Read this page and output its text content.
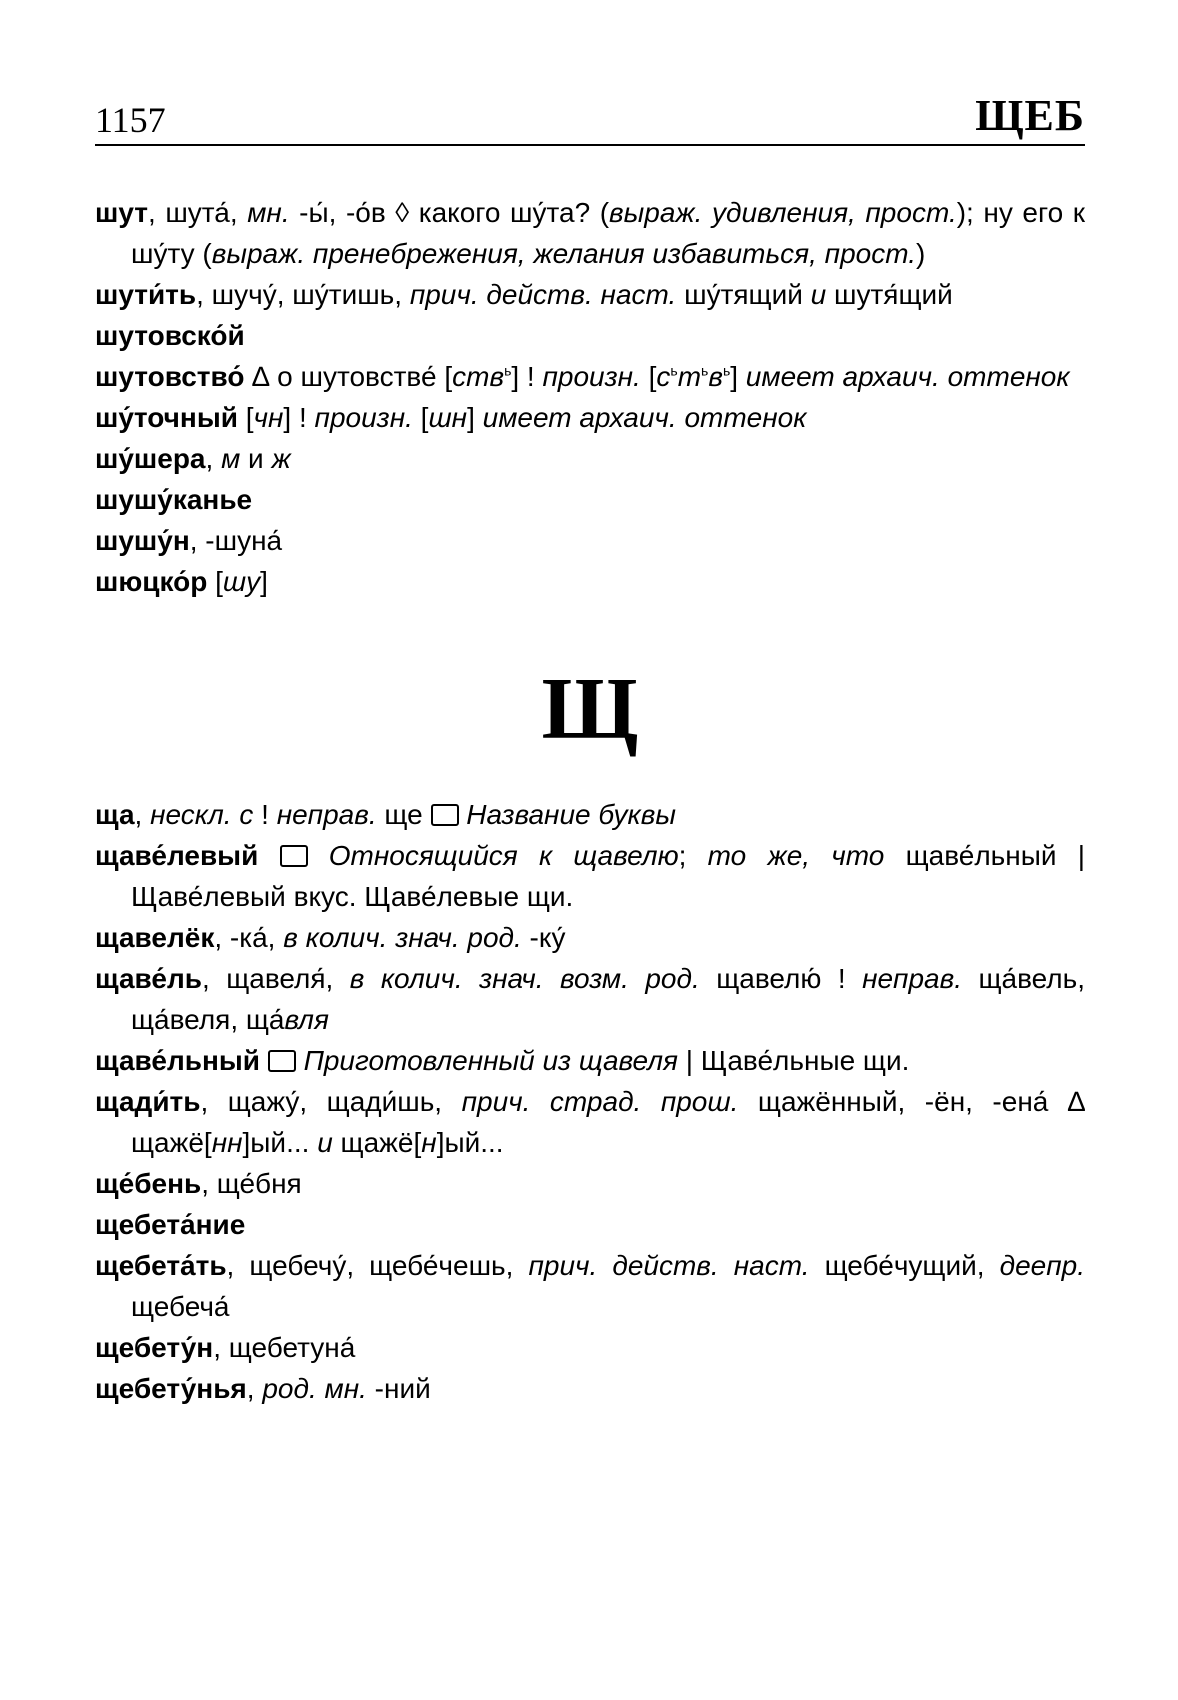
1157	ЩЕБ
шут, шута́, мн. -ы́, -о́в ◊ какого шу́та? (выраж. удивления, прост.); ну его к шу́ту (выраж. пренебрежения, желания избавиться, прост.)
шути́ть, шучу́, шу́тишь, прич. действ. наст. шу́тящий и шутя́щий
шутовско́й
шутовство́ ∆ о шутовстве́ [ств$^ь$] ! произн. $[с^ьт^ьв^ь]$ имеет архаич. оттенок
шу́точный [чн] ! произн. [шн] имеет архаич. оттенок
шу́шера, м и ж
шушу́канье
шушу́н, -шуна́
шюцко́р [шу]
Щ
ща, нескл. с ! неправ. ще  Название буквы
щаве́левый	Относящийся к щавелю; то же, что щаве́льный | Щаве́левый вкус. Щаве́левые щи.
щавелёк, -ка́, в колич. знач. род. -ку́
щаве́ль, щавеля́, в колич. знач. возм. род. щавелю́ ! неправ. ща́вель, ща́веля, ща́вля
щаве́льный Приготовленный из щавеля | Щаве́льные щи.
щади́ть, щажу́, щади́шь, прич. страд. прош. щажённый, -ён, -ена́ ∆ щажё[нн]ый... и щажё[н]ый...
ще́бень, ще́бня
щебета́ние
щебета́ть, щебечу́, щебе́чешь, прич. действ. наст. щебе́чущий, деепр. щебеча́
щебету́н, щебетуна́
щебету́нья, род. мн. -ний
